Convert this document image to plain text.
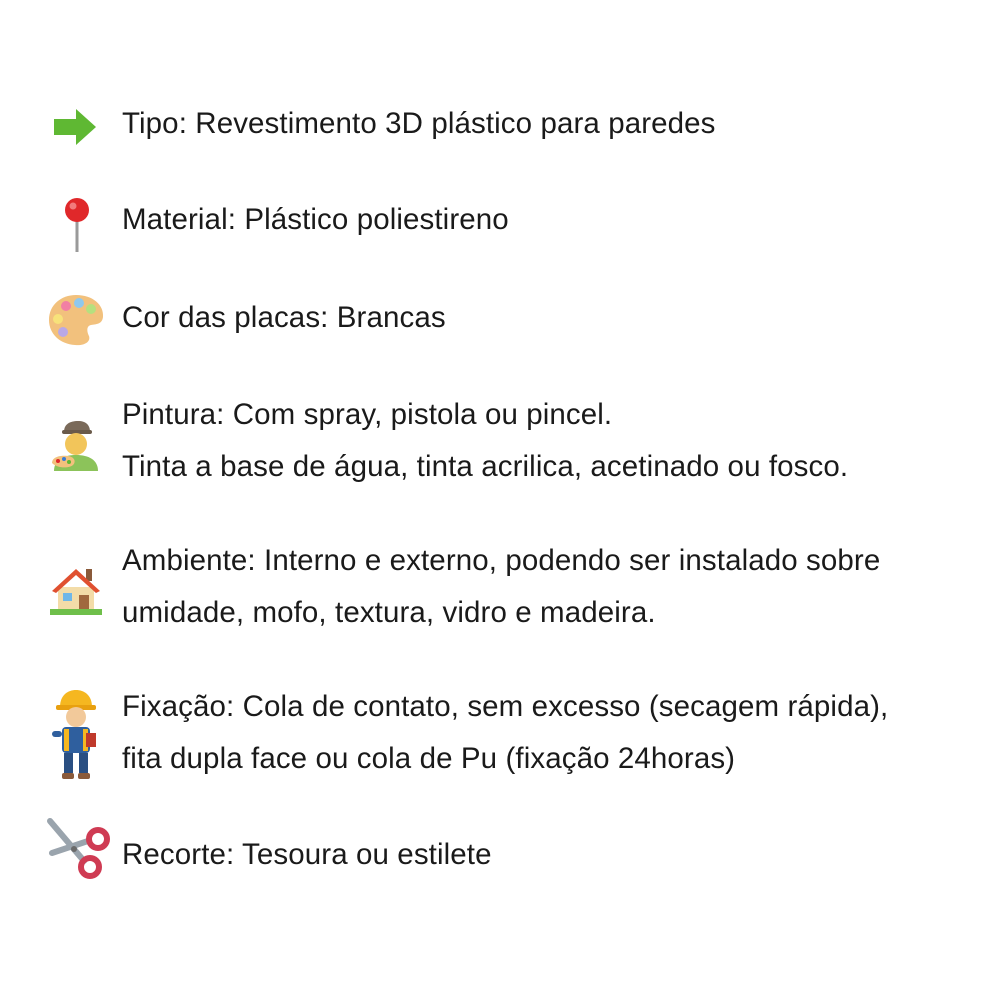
Tipo: Revestimento 3D plástico para paredes
Material: Plástico poliestireno
Cor das placas: Brancas
Pintura: Com spray, pistola ou pincel.
Tinta a base de água, tinta acrilica, acetinado ou fosco.
Ambiente: Interno e externo, podendo ser instalado sobre
umidade, mofo, textura, vidro e madeira.
Fixação: Cola de contato, sem excesso (secagem rápida),
fita dupla face ou cola de Pu (fixação 24horas)
Recorte: Tesoura ou estilete
